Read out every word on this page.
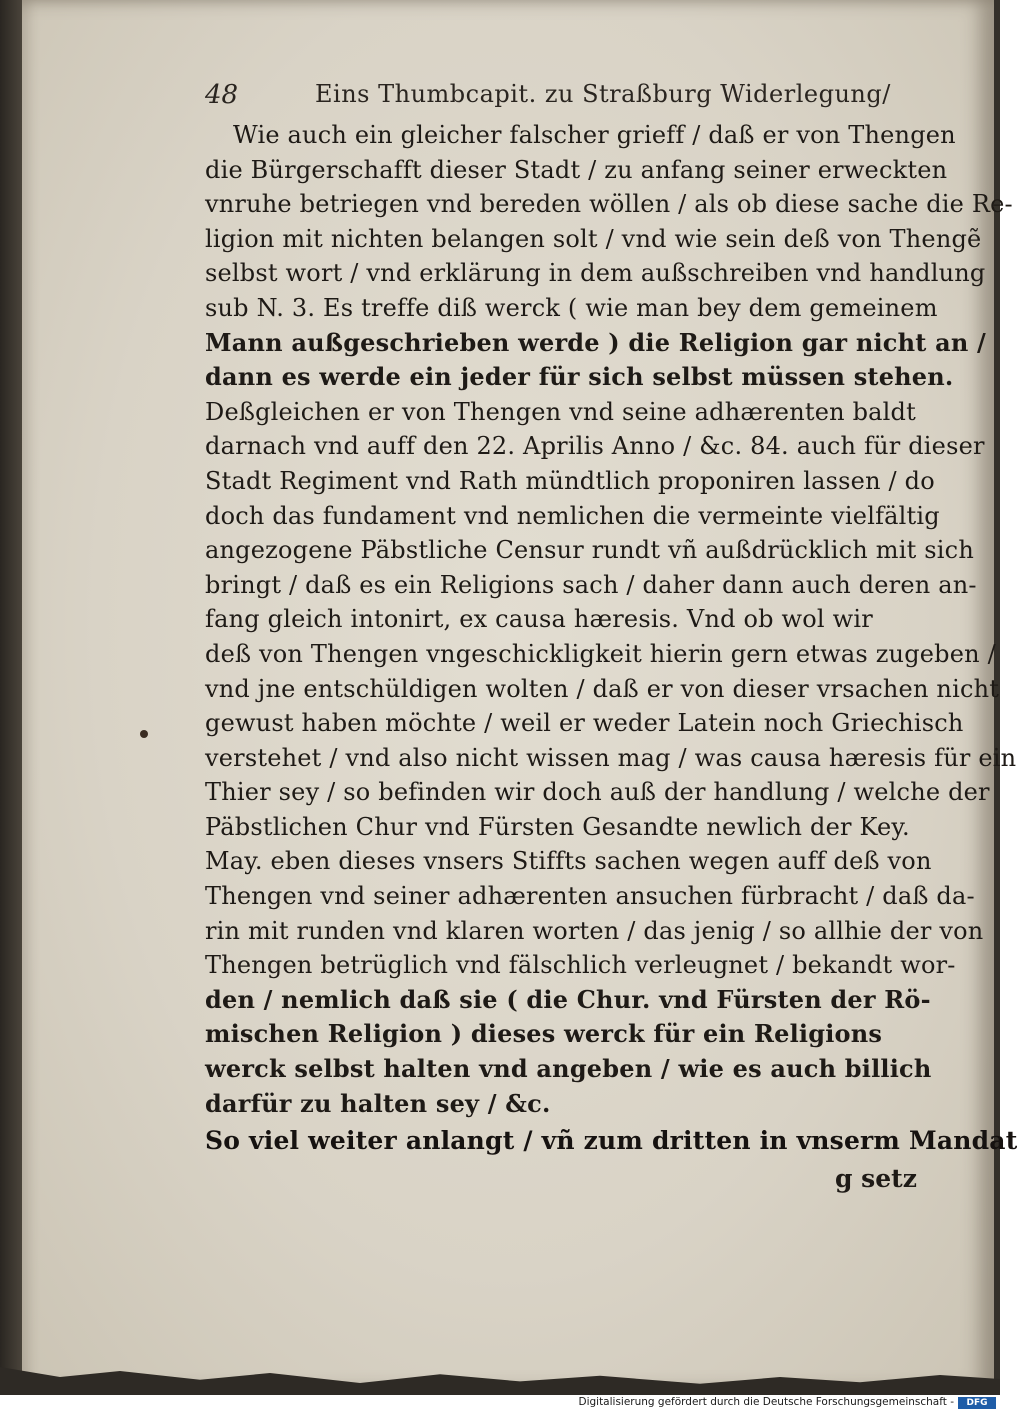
48	Eins Thumbcapit. zu Straßburg Widerlegung/
Wie auch ein gleicher falscher grieff / daß er von Thengen
die Bürgerschafft dieser Stadt / zu anfang seiner erweckten
vnruhe betriegen vnd bereden wöllen / als ob diese sache die Re-
ligion mit nichten belangen solt / vnd wie sein deß von Thengẽ
selbst wort / vnd erklärung in dem außschreiben vnd handlung
sub N. 3. Es treffe diß werck ( wie man bey dem gemeinem
Mann außgeschrieben werde ) die Religion gar nicht an /
dann es werde ein jeder für sich selbst müssen stehen.
Deßgleichen er von Thengen vnd seine adhærenten baldt
darnach vnd auff den 22. Aprilis Anno / &c. 84. auch für dieser
Stadt Regiment vnd Rath mündtlich proponiren lassen / do
doch das fundament vnd nemlichen die vermeinte vielfältig
angezogene Päbstliche Censur rundt vñ außdrücklich mit sich
bringt / daß es ein Religions sach / daher dann auch deren an-
fang gleich intonirt, ex causa hæresis. Vnd ob wol wir
deß von Thengen vngeschickligkeit hierin gern etwas zugeben /
vnd jne entschüldigen wolten / daß er von dieser vrsachen nicht
gewust haben möchte / weil er weder Latein noch Griechisch
verstehet / vnd also nicht wissen mag / was causa hæresis für ein
Thier sey / so befinden wir doch auß der handlung / welche der
Päbstlichen Chur vnd Fürsten Gesandte newlich der Key.
May. eben dieses vnsers Stiffts sachen wegen auff deß von
Thengen vnd seiner adhærenten ansuchen fürbracht / daß da-
rin mit runden vnd klaren worten / das jenig / so allhie der von
Thengen betrüglich vnd fälschlich verleugnet / bekandt wor-
den / nemlich daß sie ( die Chur. vnd Fürsten der Rö-
mischen Religion ) dieses werck für ein Religions
werck selbst halten vnd angeben / wie es auch billich
darfür zu halten sey / &c.
So viel weiter anlangt / vñ zum dritten in vnserm Mandat
g setz
Digitalisierung gefördert durch die Deutsche Forschungsgemeinschaft -	DFG
